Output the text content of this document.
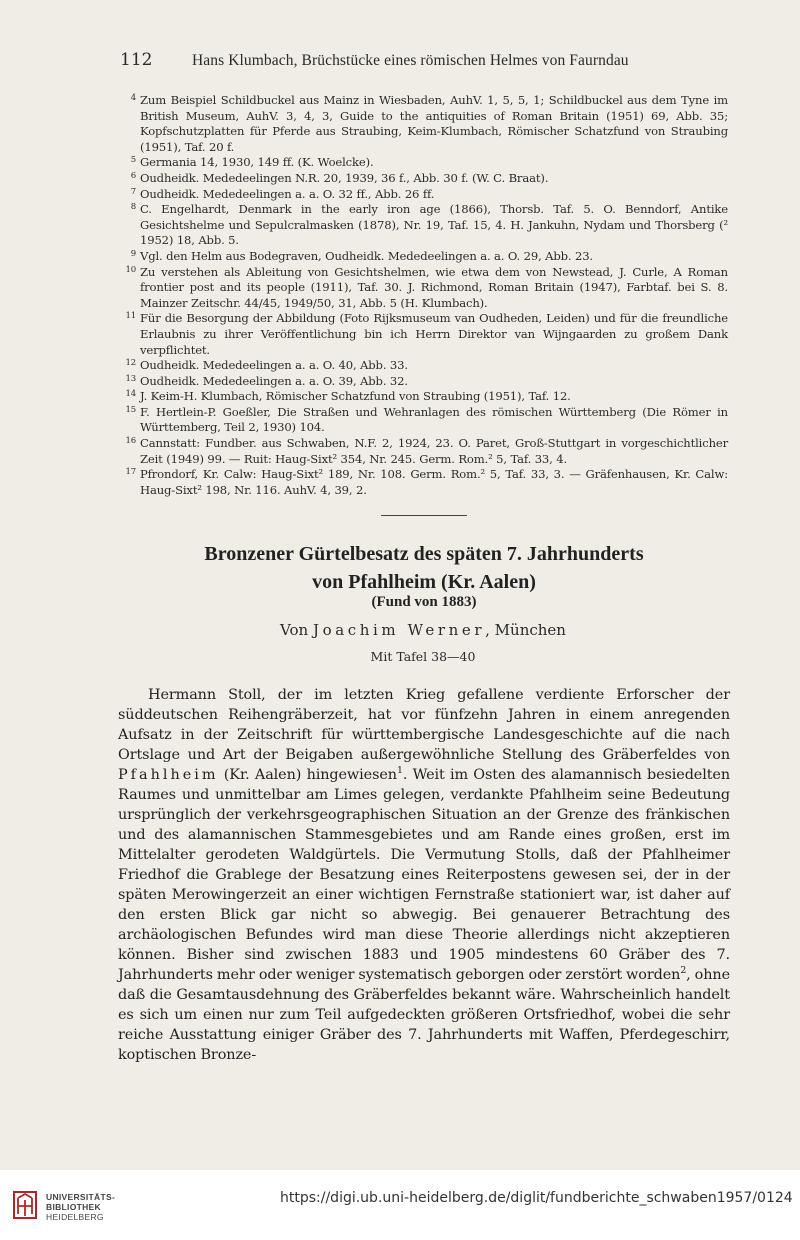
112	Hans Klumbach, Brüchstücke eines römischen Helmes von Faurndau
4 Zum Beispiel Schildbuckel aus Mainz in Wiesbaden, AuhV. 1, 5, 5, 1; Schildbuckel aus dem Tyne im British Museum, AuhV. 3, 4, 3, Guide to the antiquities of Roman Britain (1951) 69, Abb. 35; Kopfschutzplatten für Pferde aus Straubing, Keim-Klumbach, Römischer Schatzfund von Straubing (1951), Taf. 20 f.
5 Germania 14, 1930, 149 ff. (K. Woelcke).
6 Oudheidk. Mededeelingen N.R. 20, 1939, 36 f., Abb. 30 f. (W. C. Braat).
7 Oudheidk. Mededeelingen a. a. O. 32 ff., Abb. 26 ff.
8 C. Engelhardt, Denmark in the early iron age (1866), Thorsb. Taf. 5. O. Benndorf, Antike Gesichtshelme und Sepulcralmasken (1878), Nr. 19, Taf. 15, 4. H. Jankuhn, Nydam und Thorsberg (² 1952) 18, Abb. 5.
9 Vgl. den Helm aus Bodegraven, Oudheidk. Mededeelingen a. a. O. 29, Abb. 23.
10 Zu verstehen als Ableitung von Gesichtshelmen, wie etwa dem von Newstead, J. Curle, A Roman frontier post and its people (1911), Taf. 30. J. Richmond, Roman Britain (1947), Farbtaf. bei S. 8. Mainzer Zeitschr. 44/45, 1949/50, 31, Abb. 5 (H. Klumbach).
11 Für die Besorgung der Abbildung (Foto Rijksmuseum van Oudheden, Leiden) und für die freundliche Erlaubnis zu ihrer Veröffentlichung bin ich Herrn Direktor van Wijngaarden zu großem Dank verpflichtet.
12 Oudheidk. Mededeelingen a. a. O. 40, Abb. 33.
13 Oudheidk. Mededeelingen a. a. O. 39, Abb. 32.
14 J. Keim-H. Klumbach, Römischer Schatzfund von Straubing (1951), Taf. 12.
15 F. Hertlein-P. Goeßler, Die Straßen und Wehranlagen des römischen Württemberg (Die Römer in Württemberg, Teil 2, 1930) 104.
16 Cannstatt: Fundber. aus Schwaben, N.F. 2, 1924, 23. O. Paret, Groß-Stuttgart in vorgeschichtlicher Zeit (1949) 99. — Ruit: Haug-Sixt² 354, Nr. 245. Germ. Rom.² 5, Taf. 33, 4.
17 Pfrondorf, Kr. Calw: Haug-Sixt² 189, Nr. 108. Germ. Rom.² 5, Taf. 33, 3. — Gräfenhausen, Kr. Calw: Haug-Sixt² 198, Nr. 116. AuhV. 4, 39, 2.
Bronzener Gürtelbesatz des späten 7. Jahrhunderts
von Pfahlheim (Kr. Aalen)
(Fund von 1883)
Von Joachim Werner, München
Mit Tafel 38—40
Hermann Stoll, der im letzten Krieg gefallene verdiente Erforscher der süddeutschen Reihengräberzeit, hat vor fünfzehn Jahren in einem anregenden Aufsatz in der Zeitschrift für württembergische Landesgeschichte auf die nach Ortslage und Art der Beigaben außergewöhnliche Stellung des Gräberfeldes von Pfahlheim (Kr. Aalen) hingewiesen$^1$. Weit im Osten des alamannisch besiedelten Raumes und unmittelbar am Limes gelegen, verdankte Pfahlheim seine Bedeutung ursprünglich der verkehrsgeographischen Situation an der Grenze des fränkischen und des alamannischen Stammesgebietes und am Rande eines großen, erst im Mittelalter gerodeten Waldgürtels. Die Vermutung Stolls, daß der Pfahlheimer Friedhof die Grablege der Besatzung eines Reiterpostens gewesen sei, der in der späten Merowingerzeit an einer wichtigen Fernstraße stationiert war, ist daher auf den ersten Blick gar nicht so abwegig. Bei genauerer Betrachtung des archäologischen Befundes wird man diese Theorie allerdings nicht akzeptieren können. Bisher sind zwischen 1883 und 1905 mindestens 60 Gräber des 7. Jahrhunderts mehr oder weniger systematisch geborgen oder zerstört worden$^2$, ohne daß die Gesamtausdehnung des Gräberfeldes bekannt wäre. Wahrscheinlich handelt es sich um einen nur zum Teil aufgedeckten größeren Ortsfriedhof, wobei die sehr reiche Ausstattung einiger Gräber des 7. Jahrhunderts mit Waffen, Pferdegeschirr, koptischen Bronze-
UNIVERSITÄTS-
BIBLIOTHEK
HEIDELBERG
https://digi.ub.uni-heidelberg.de/diglit/fundberichte_schwaben1957/0124
